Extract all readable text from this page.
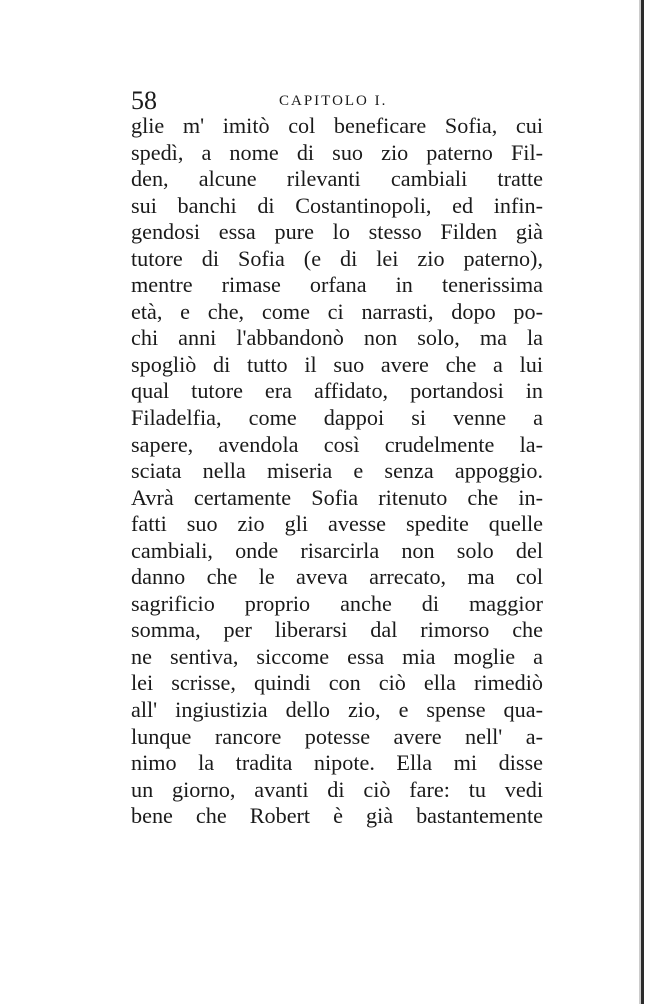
58	CAPITOLO I.
glie m' imitò col beneficare Sofia, cui
spedì, a nome di suo zio paterno Fil-
den, alcune rilevanti cambiali tratte
sui banchi di Costantinopoli, ed infin-
gendosi essa pure lo stesso Filden già
tutore di Sofia (e di lei zio paterno),
mentre rimase orfana in tenerissima
età, e che, come ci narrasti, dopo po-
chi anni l'abbandonò non solo, ma la
spogliò di tutto il suo avere che a lui
qual tutore era affidato, portandosi in
Filadelfia, come dappoi si venne a
sapere, avendola così crudelmente la-
sciata nella miseria e senza appoggio.
Avrà certamente Sofia ritenuto che in-
fatti suo zio gli avesse spedite quelle
cambiali, onde risarcirla non solo del
danno che le aveva arrecato, ma col
sagrificio proprio anche di maggior
somma, per liberarsi dal rimorso che
ne sentiva, siccome essa mia moglie a
lei scrisse, quindi con ciò ella rimediò
all' ingiustizia dello zio, e spense qua-
lunque rancore potesse avere nell' a-
nimo la tradita nipote. Ella mi disse
un giorno, avanti di ciò fare: tu vedi
bene che Robert è già bastantemente
